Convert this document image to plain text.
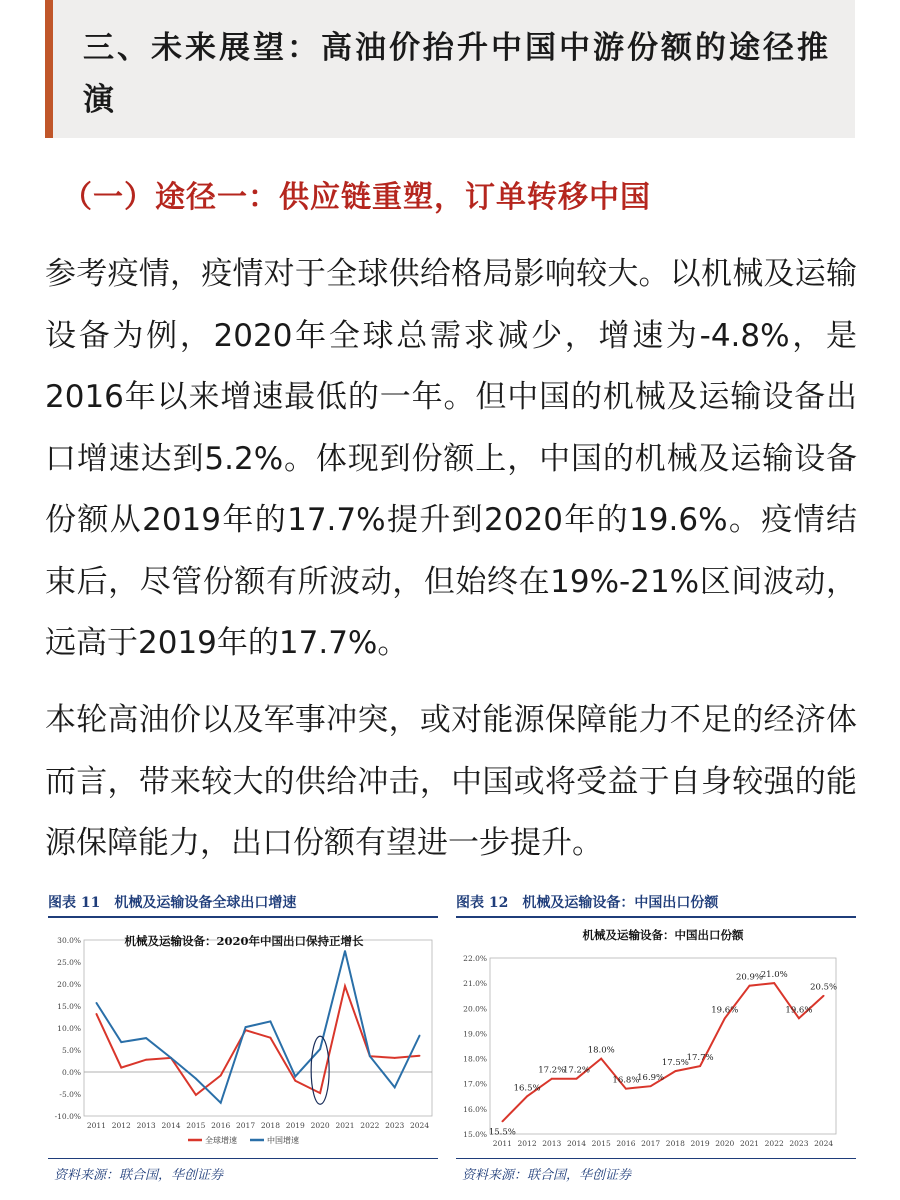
三、未来展望：高油价抬升中国中游份额的途径推演
（一）途径一：供应链重塑，订单转移中国
参考疫情，疫情对于全球供给格局影响较大。以机械及运输设备为例，2020年全球总需求减少，增速为-4.8%，是2016年以来增速最低的一年。但中国的机械及运输设备出口增速达到5.2%。体现到份额上，中国的机械及运输设备份额从2019年的17.7%提升到2020年的19.6%。疫情结束后，尽管份额有所波动，但始终在19%-21%区间波动，远高于2019年的17.7%。
本轮高油价以及军事冲突，或对能源保障能力不足的经济体而言，带来较大的供给冲击，中国或将受益于自身较强的能源保障能力，出口份额有望进一步提升。
图表 11　机械及运输设备全球出口增速
-10.0%
-5.0%
0.0%
5.0%
10.0%
15.0%
20.0%
25.0%
30.0%
2011 2012 2013 2014 2015 2016 2017 2018 2019 2020 2021 2022 2023 2024
机械及运输设备：2020年中国出口保持正增长
全球增速	中国增速
资料来源：联合国，华创证券
图表 12　机械及运输设备：中国出口份额
15.0%
16.0%
17.0%
18.0%
19.0%
20.0%
21.0%
22.0%
2011 2012 2013 2014 2015 2016 2017 2018 2019 2020 2021 2022 2023 2024
机械及运输设备：中国出口份额
15.5%
16.5%
17.2%
17.2%
18.0%
16.8%
16.9%
17.5%
17.7%
19.6%
20.9%
21.0%
19.6%
20.5%
资料来源：联合国，华创证券
